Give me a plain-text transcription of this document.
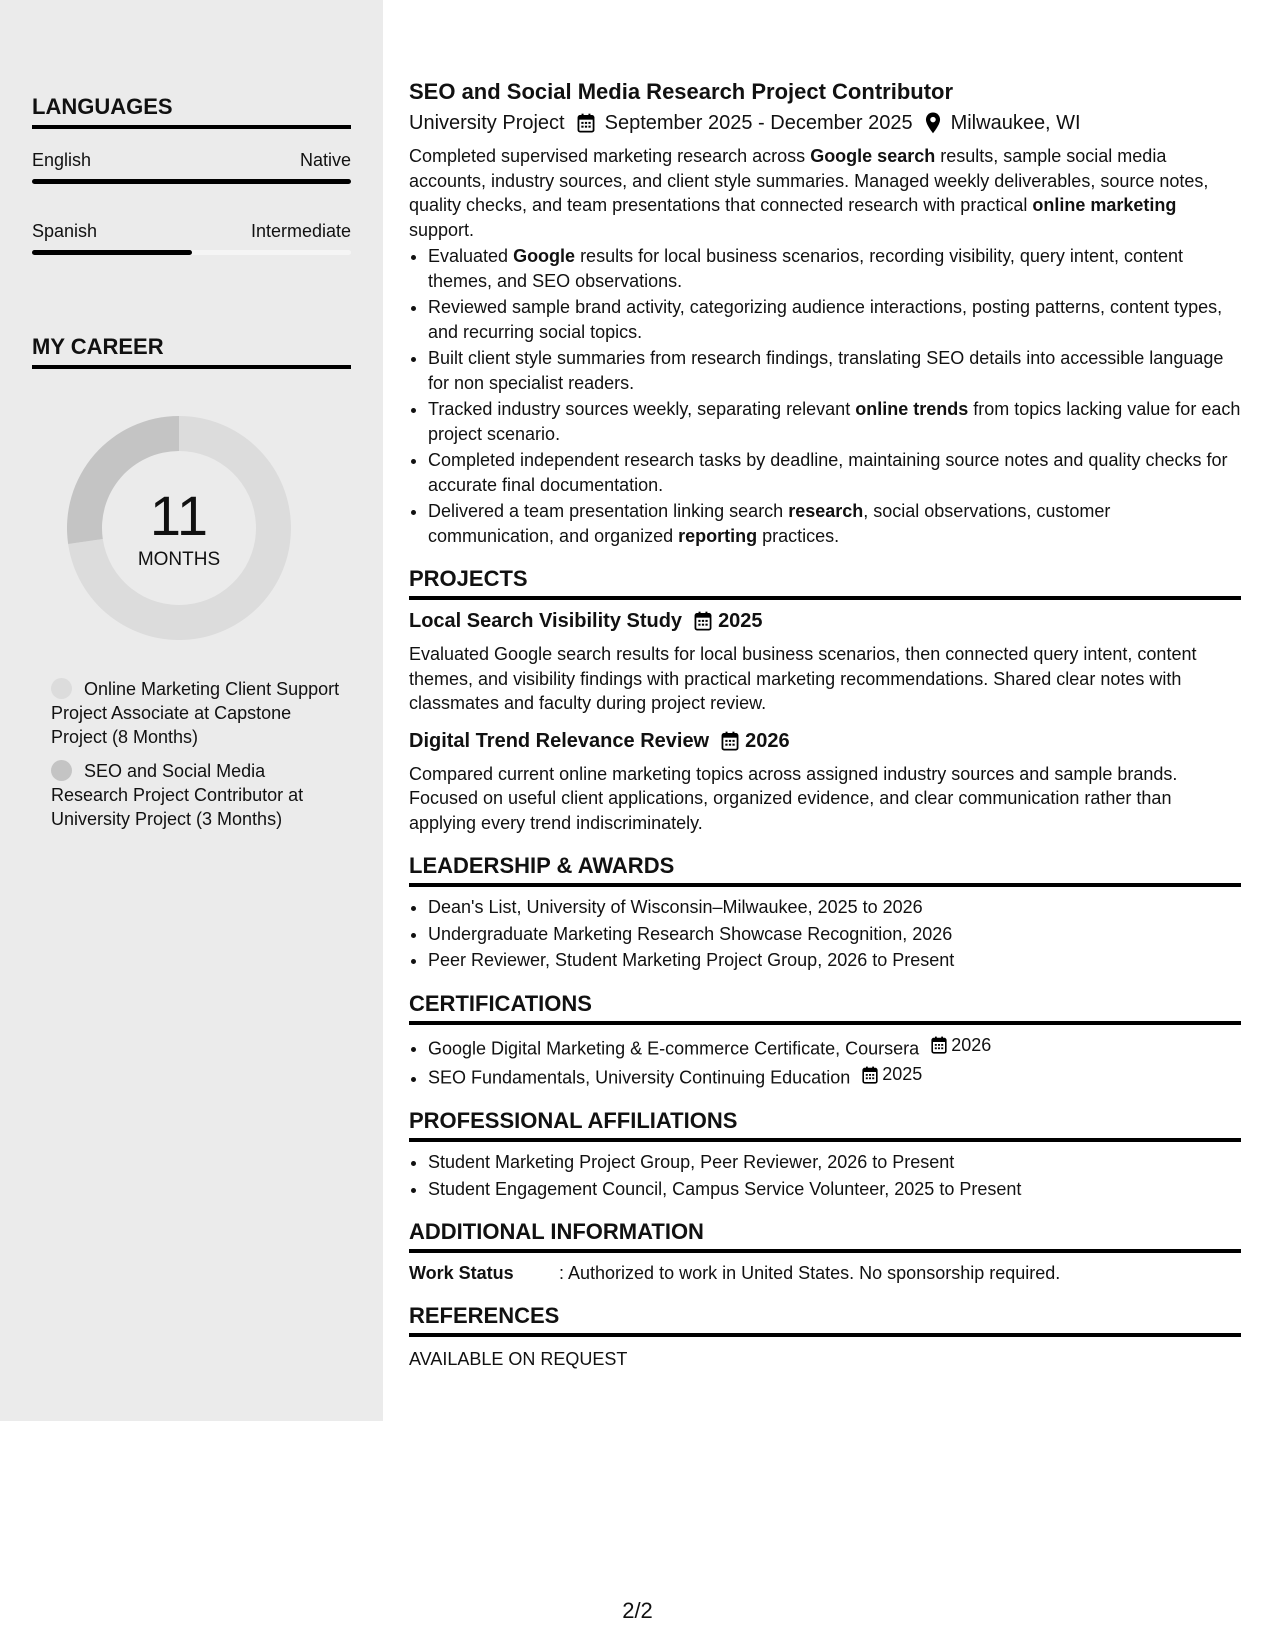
LANGUAGES
English	Native
Spanish	Intermediate
MY CAREER
11
MONTHS
Online Marketing Client Support Project Associate at Capstone Project (8 Months)
SEO and Social Media Research Project Contributor at University Project (3 Months)
SEO and Social Media Research Project Contributor
University Project September 2025 - December 2025 Milwaukee, WI

Completed supervised marketing research across Google search results, sample social media accounts, industry sources, and client style summaries. Managed weekly deliverables, source notes, quality checks, and team presentations that connected research with practical online marketing support.

• Evaluated Google results for local business scenarios, recording visibility, query intent, content themes, and SEO observations.
• Reviewed sample brand activity, categorizing audience interactions, posting patterns, content types, and recurring social topics.
• Built client style summaries from research findings, translating SEO details into accessible language for non specialist readers.
• Tracked industry sources weekly, separating relevant online trends from topics lacking value for each project scenario.
• Completed independent research tasks by deadline, maintaining source notes and quality checks for accurate final documentation.
• Delivered a team presentation linking search research, social observations, customer communication, and organized reporting practices.
PROJECTS
Local Search Visibility Study 2025

Evaluated Google search results for local business scenarios, then connected query intent, content themes, and visibility findings with practical marketing recommendations. Shared clear notes with classmates and faculty during project review.

Digital Trend Relevance Review 2026

Compared current online marketing topics across assigned industry sources and sample brands. Focused on useful client applications, organized evidence, and clear communication rather than applying every trend indiscriminately.

LEADERSHIP & AWARDS
• Dean's List, University of Wisconsin–Milwaukee, 2025 to 2026
• Undergraduate Marketing Research Showcase Recognition, 2026
• Peer Reviewer, Student Marketing Project Group, 2026 to Present
CERTIFICATIONS
• Google Digital Marketing & E-commerce Certificate, Coursera 2026
• SEO Fundamentals, University Continuing Education 2025
PROFESSIONAL AFFILIATIONS
• Student Marketing Project Group, Peer Reviewer, 2026 to Present
• Student Engagement Council, Campus Service Volunteer, 2025 to Present
ADDITIONAL INFORMATION
Work Status	: Authorized to work in United States. No sponsorship required.
REFERENCES
AVAILABLE ON REQUEST
2/2
